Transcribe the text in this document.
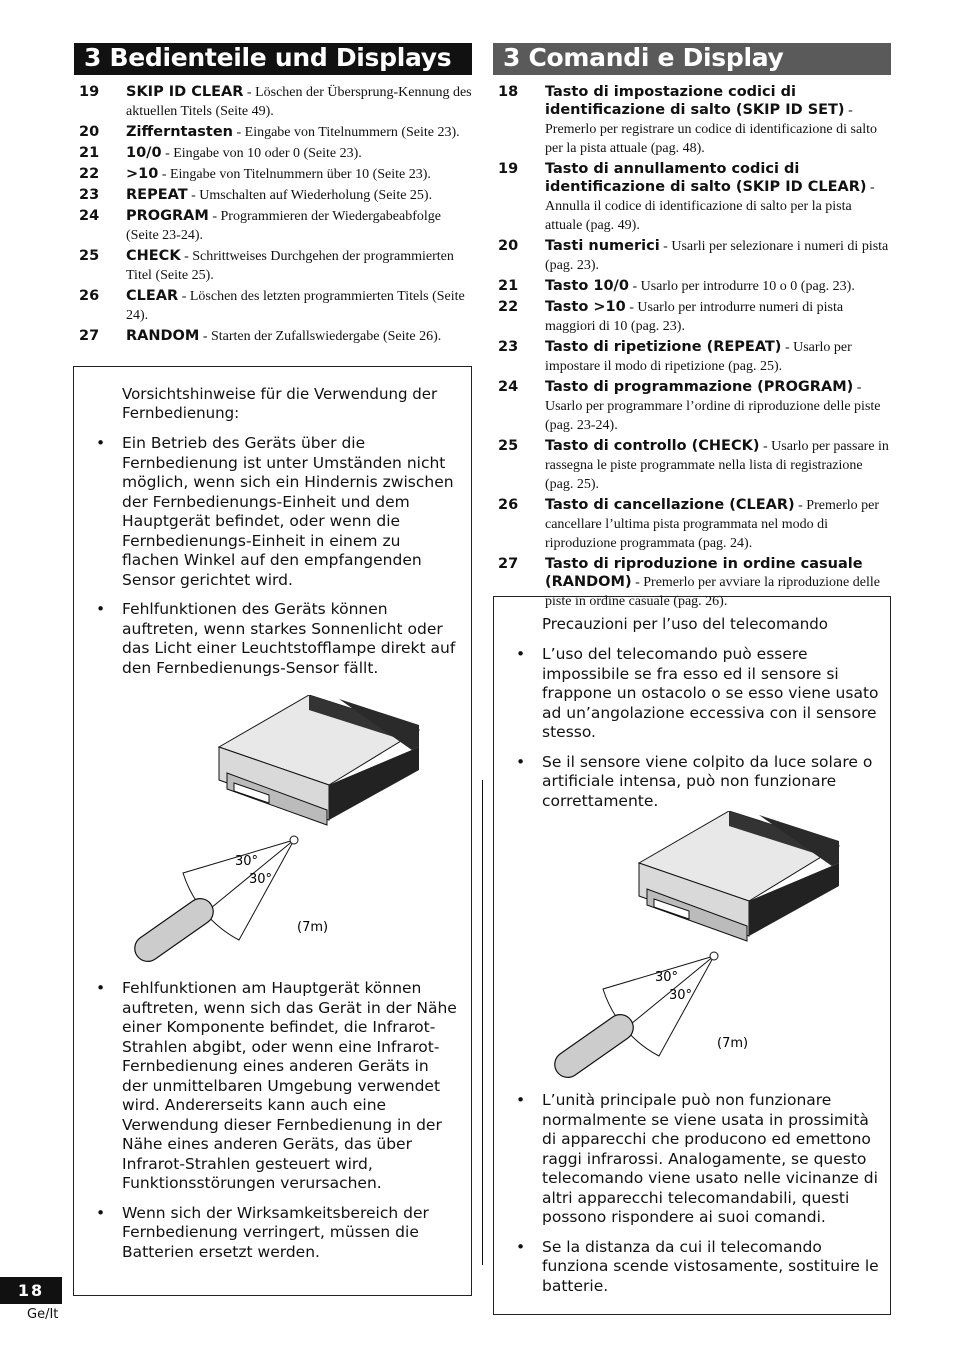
3 Bedienteile und Displays
19	SKIP ID CLEAR - Löschen der Übersprung-Kennung des aktuellen Titels (Seite 49).
20	Zifferntasten - Eingabe von Titelnummern (Seite 23).
21	10/0 - Eingabe von 10 oder 0 (Seite 23).
22	>10 - Eingabe von Titelnummern über 10 (Seite 23).
23	REPEAT - Umschalten auf Wiederholung (Seite 25).
24	PROGRAM - Programmieren der Wiedergabeabfolge (Seite 23-24).
25	CHECK - Schrittweises Durchgehen der programmierten Titel (Seite 25).
26	CLEAR - Löschen des letzten programmierten Titels (Seite 24).
27	RANDOM - Starten der Zufallswiedergabe (Seite 26).
3 Comandi e Display
18	Tasto di impostazione codici di identificazione di salto (SKIP ID SET) - Premerlo per registrare un codice di identificazione di salto per la pista attuale (pag. 48).
19	Tasto di annullamento codici di identificazione di salto (SKIP ID CLEAR) - Annulla il codice di identificazione di salto per la pista attuale (pag. 49).
20	Tasti numerici - Usarli per selezionare i numeri di pista (pag. 23).
21	Tasto 10/0 - Usarlo per introdurre 10 o 0 (pag. 23).
22	Tasto >10 - Usarlo per introdurre numeri di pista maggiori di 10 (pag. 23).
23	Tasto di ripetizione (REPEAT) - Usarlo per impostare il modo di ripetizione (pag. 25).
24	Tasto di programmazione (PROGRAM) - Usarlo per programmare l’ordine di riproduzione delle piste (pag. 23-24).
25	Tasto di controllo (CHECK) - Usarlo per passare in rassegna le piste programmate nella lista di registrazione (pag. 25).
26	Tasto di cancellazione (CLEAR) - Premerlo per cancellare l’ultima pista programmata nel modo di riproduzione programmata (pag. 24).
27	Tasto di riproduzione in ordine casuale (RANDOM) - Premerlo per avviare la riproduzione delle piste in ordine casuale (pag. 26).
Vorsichtshinweise für die Verwendung der Fernbedienung:
• Ein Betrieb des Geräts über die Fernbedienung ist unter Umständen nicht möglich, wenn sich ein Hindernis zwischen der Fernbedienungs-Einheit und dem Hauptgerät befindet, oder wenn die Fernbedienungs-Einheit in einem zu flachen Winkel auf den empfangenden Sensor gerichtet wird.
• Fehlfunktionen des Geräts können auftreten, wenn starkes Sonnenlicht oder das Licht einer Leuchtstofflampe direkt auf den Fernbedienungs-Sensor fällt.
30°
30°
(7m)
• Fehlfunktionen am Hauptgerät können auftreten, wenn sich das Gerät in der Nähe einer Komponente befindet, die Infrarot-Strahlen abgibt, oder wenn eine Infrarot-Fernbedienung eines anderen Geräts in der unmittelbaren Umgebung verwendet wird. Andererseits kann auch eine Verwendung dieser Fernbedienung in der Nähe eines anderen Geräts, das über Infrarot-Strahlen gesteuert wird, Funktionsstörungen verursachen.
• Wenn sich der Wirksamkeitsbereich der Fernbedienung verringert, müssen die Batterien ersetzt werden.
Precauzioni per l’uso del telecomando
• L’uso del telecomando può essere impossibile se fra esso ed il sensore si frappone un ostacolo o se esso viene usato ad un’angolazione eccessiva con il sensore stesso.
• Se il sensore viene colpito da luce solare o artificiale intensa, può non funzionare correttamente.
30°
30°
(7m)
• L’unità principale può non funzionare normalmente se viene usata in prossimità di apparecchi che producono ed emettono raggi infrarossi. Analogamente, se questo telecomando viene usato nelle vicinanze di altri apparecchi telecomandabili, questi possono rispondere ai suoi comandi.
• Se la distanza da cui il telecomando funziona scende vistosamente, sostituire le batterie.
18
Ge/It
